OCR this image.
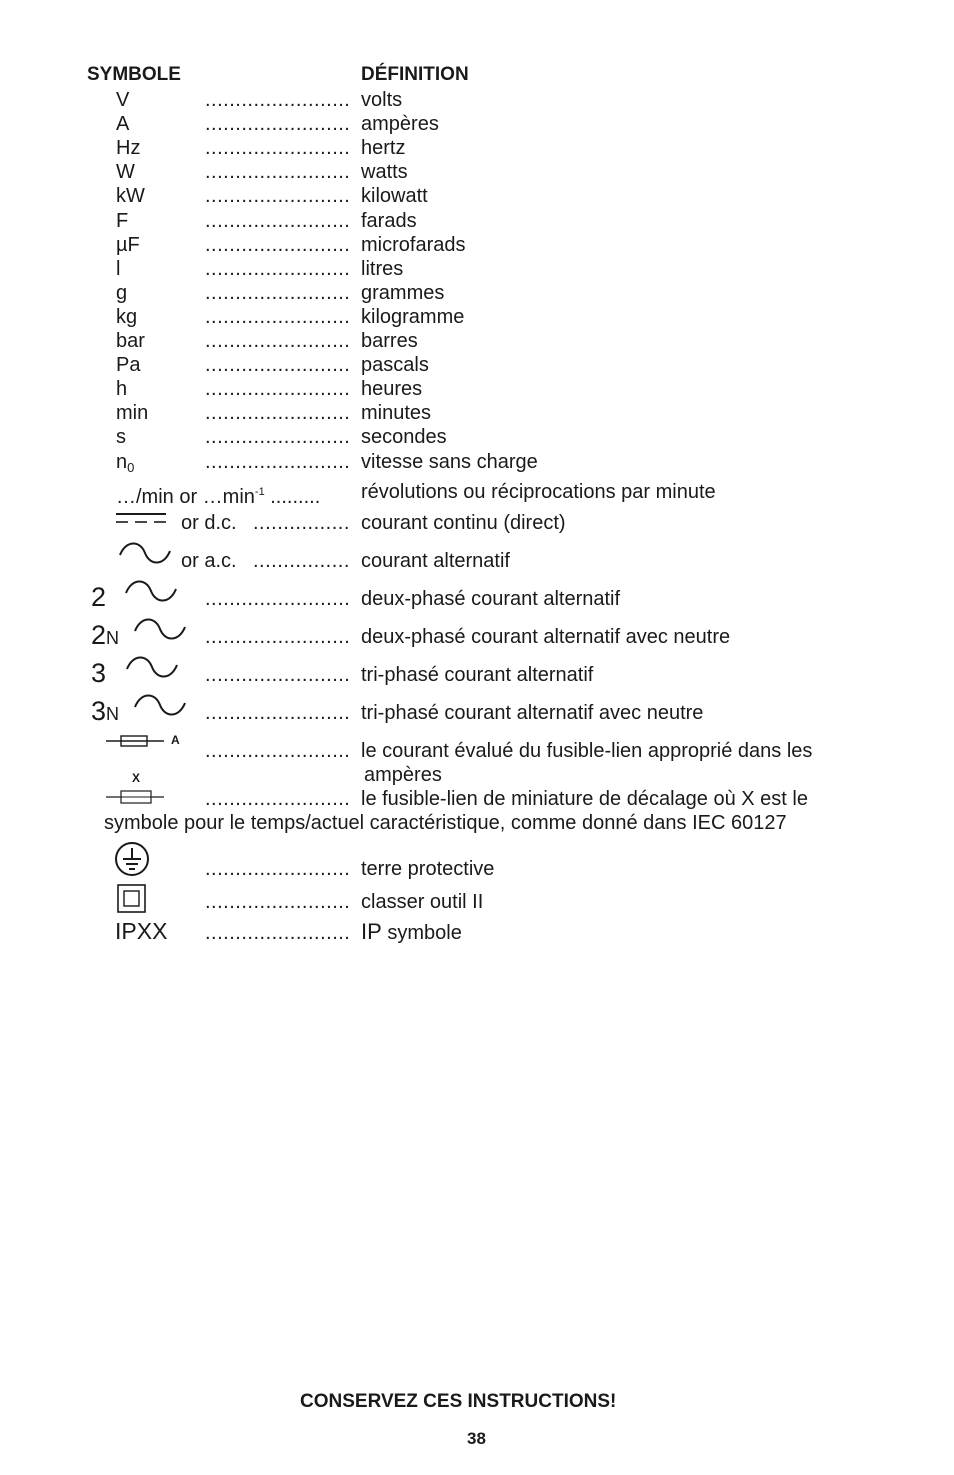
SYMBOLE	DÉFINITION
V	........................ volts
A	........................ ampères
Hz	........................ hertz
W	........................ watts
kW	........................ kilowatt
F	........................ farads
µF	........................ microfarads
l	........................ litres
g	........................ grammes
kg	........................ kilogramme
bar	........................ barres
Pa	........................ pascals
h	........................ heures
min	........................ minutes
s	........................ secondes
$n_0$	........................ vitesse sans charge
…/min or $\dots\min^{-1}$ ......... révolutions ou réciprocations par minute
or d.c. ................ courant continu (direct)
or a.c. ................ courant alternatif
2	........................ deux-phasé courant alternatif
2N	........................ deux-phasé courant alternatif avec neutre
3	........................ tri-phasé courant alternatif
3N	........................ tri-phasé courant alternatif avec neutre
A ........................ le courant évalué du fusible-lien approprié dans les
ampères
X
........................ le fusible-lien de miniature de décalage où X est le
symbole pour le temps/actuel caractéristique, comme donné dans IEC 60127
........................ terre protective
........................ classer outil II
IPXX ........................ IP symbole
CONSERVEZ CES INSTRUCTIONS!
38
